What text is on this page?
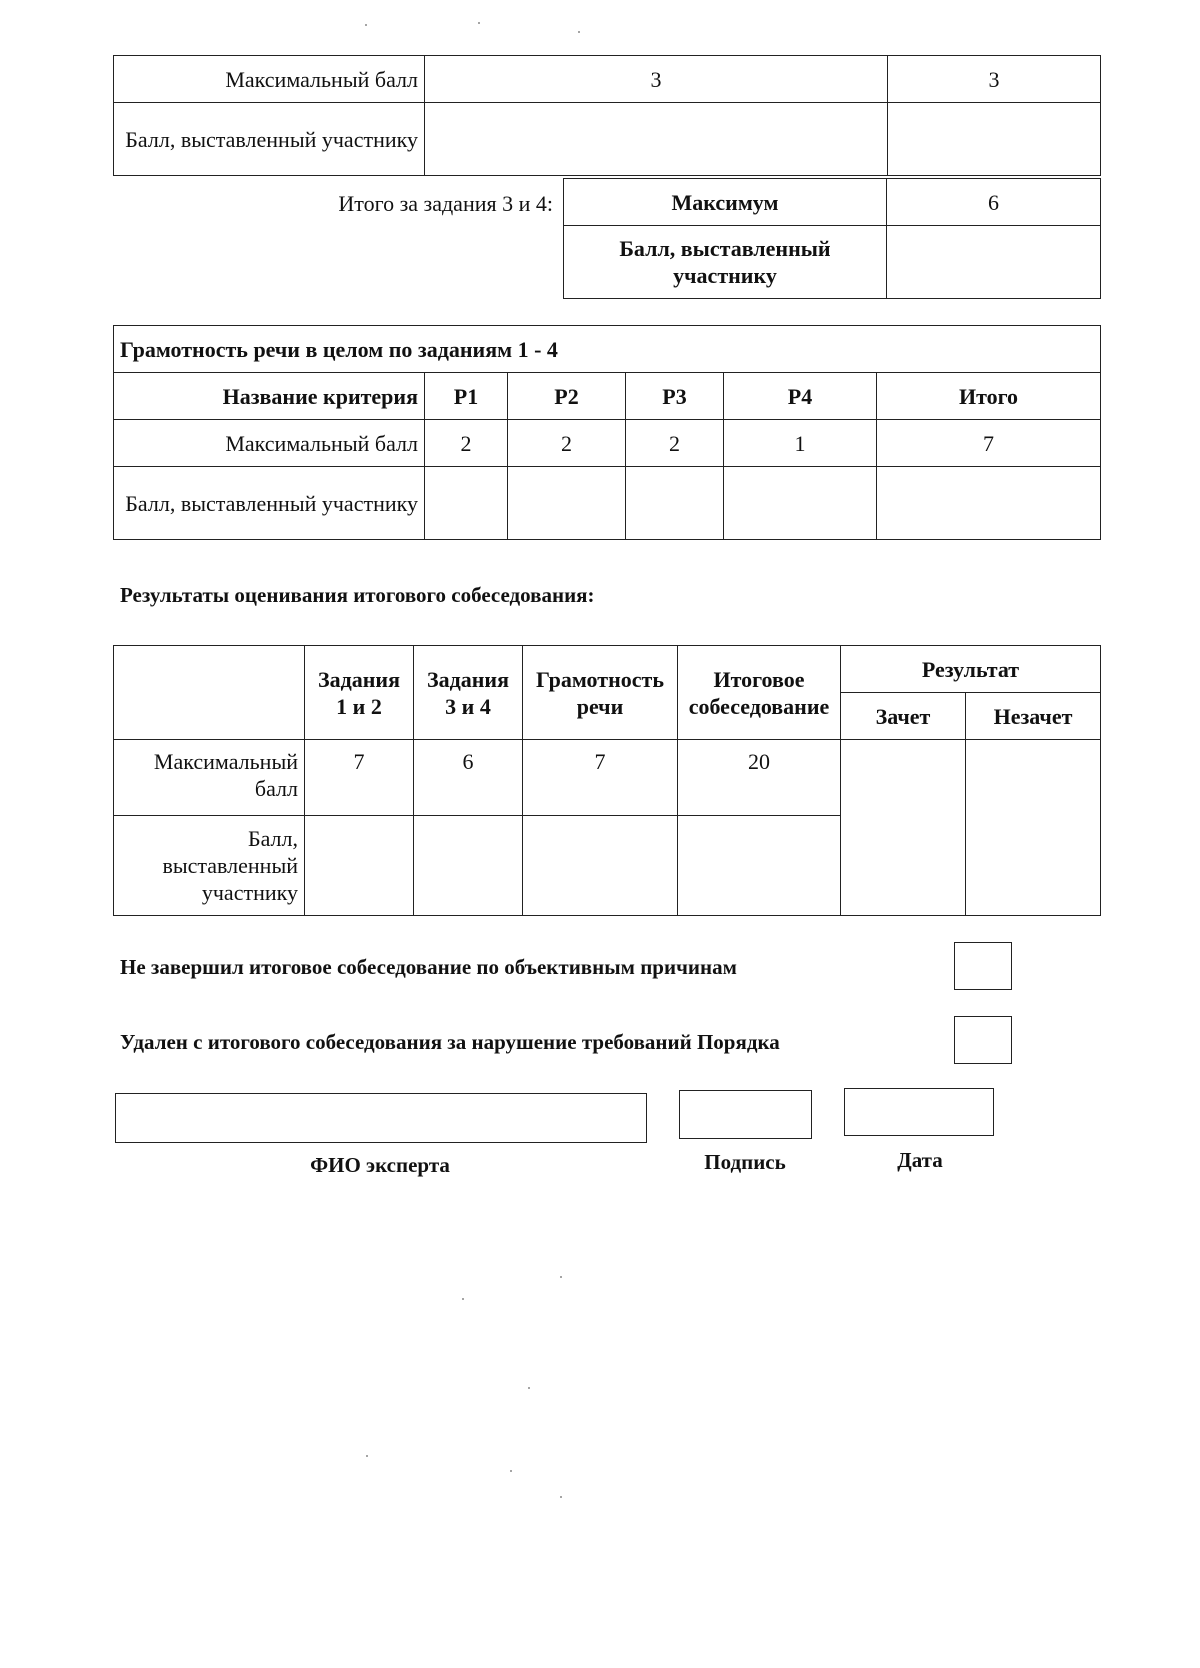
Максимальный балл	3	3
Балл, выставленный участнику		
Итого за задания 3 и 4:	Максимум	6
Балл, выставленный участнику	
Грамотность речи в целом по заданиям 1 - 4					
Название критерия	Р1	Р2	Р3	Р4	Итого
Максимальный балл	2	2	2	1	7
Балл, выставленный участнику					
Результаты оценивания итогового собеседования:
	Задания 1 и 2	Задания 3 и 4	Грамотность речи	Итоговое собеседование	Результат	
					Зачет	Незачет
Максимальный балл	7	6	7	20		
Балл, выставленный участнику						
Не завершил итоговое собеседование по объективным причинам
Удален с итогового собеседования за нарушение требований Порядка
ФИО эксперта	Подпись	Дата
